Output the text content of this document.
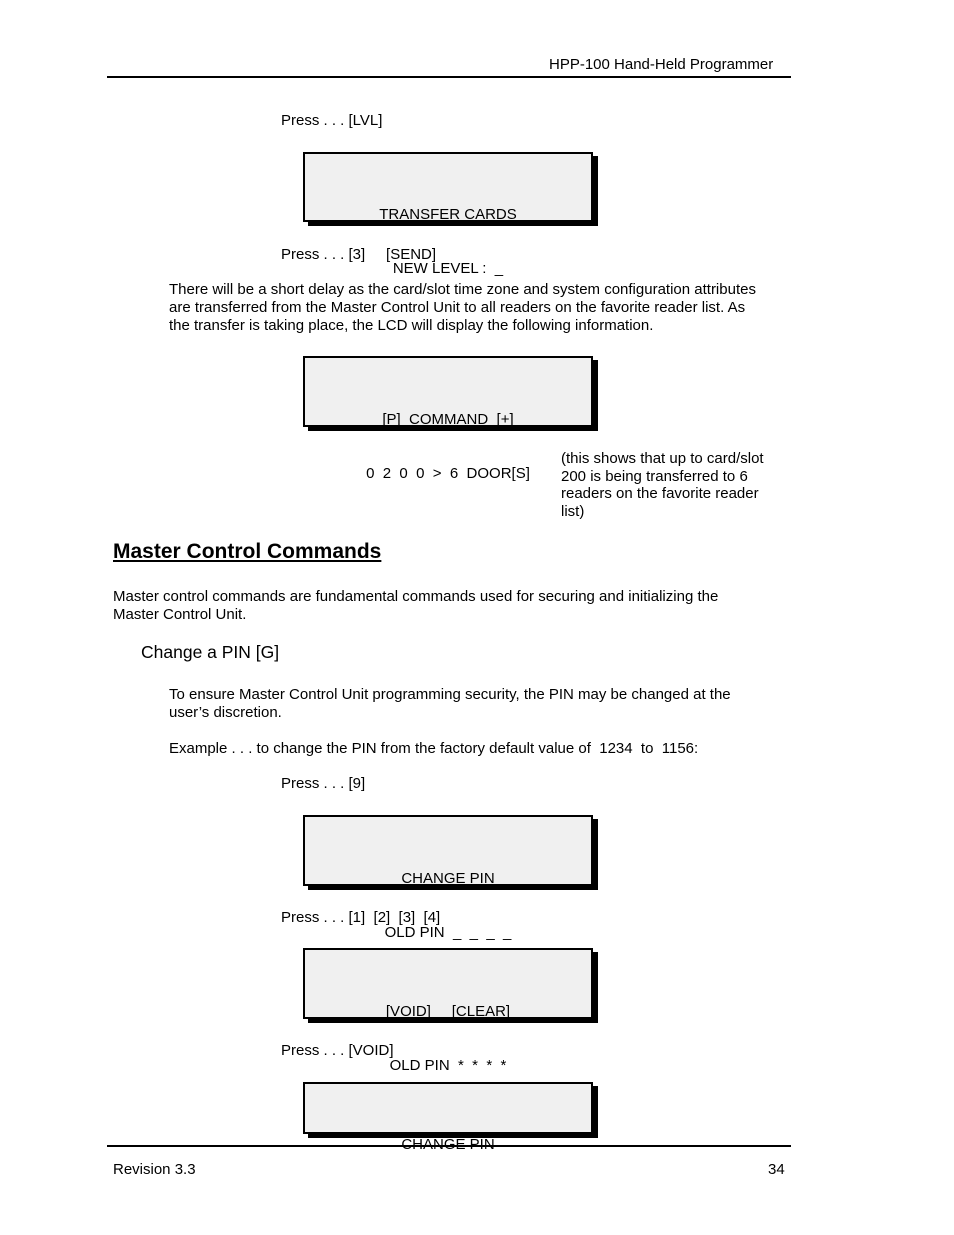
HPP-100 Hand-Held Programmer
Press . . . [LVL]

TRANSFER CARDS

NEW LEVEL :  _

Press . . . [3]     [SEND]
There will be a short delay as the card/slot time zone and system configuration attributes
are transferred from the Master Control Unit to all readers on the favorite reader list. As
the transfer is taking place, the LCD will display the following information.

[P]  COMMAND  [+]

0  2  0  0  >  6  DOOR[S]

(this shows that up to card/slot
200 is being transferred to 6
readers on the favorite reader
list)
Master Control Commands
Master control commands are fundamental commands used for securing and initializing the
Master Control Unit.
Change a PIN [G]
To ensure Master Control Unit programming security, the PIN may be changed at the
user’s discretion.
Example . . . to change the PIN from the factory default value of  1234  to  1156:
Press . . . [9]

CHANGE PIN

OLD PIN  _  _  _  _

Press . . . [1]  [2]  [3]  [4]

[VOID]     [CLEAR]

OLD PIN  *  *  *  *

Press . . . [VOID]

CHANGE PIN

Revision 3.3	34
